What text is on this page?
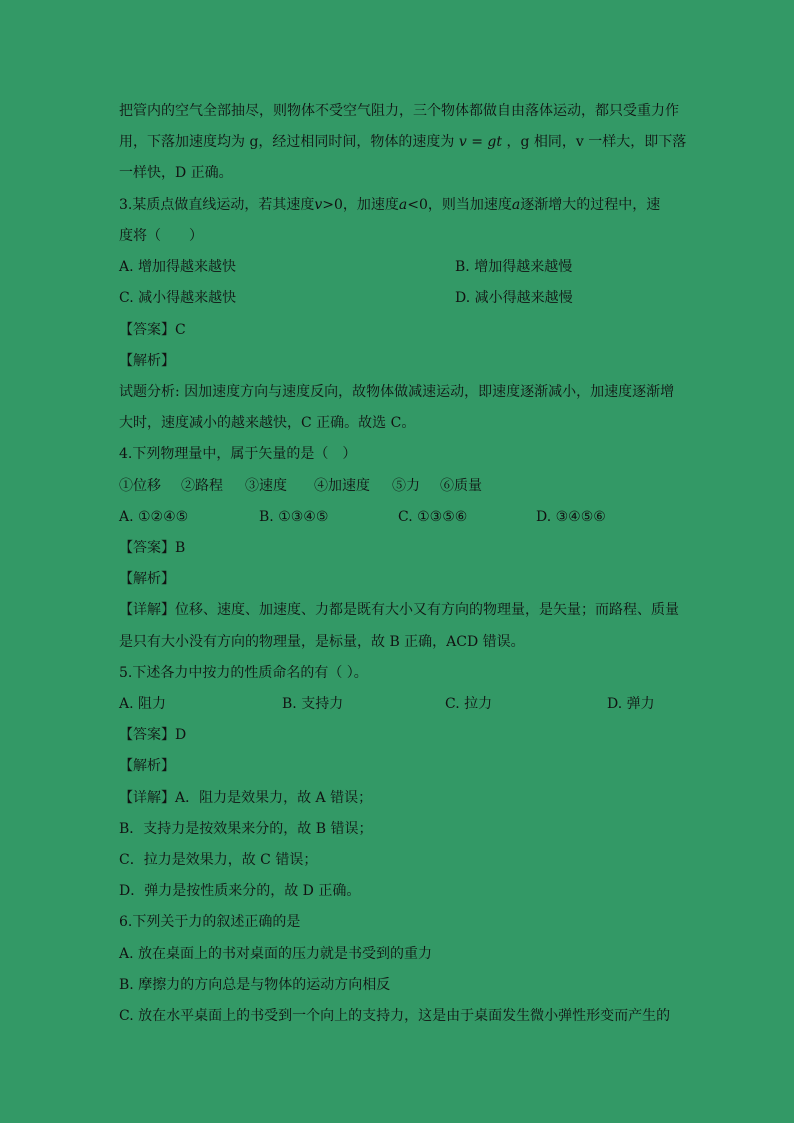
把管内的空气全部抽尽，则物体不受空气阻力，三个物体都做自由落体运动，都只受重力作
用，下落加速度均为 g，经过相同时间，物体的速度为 v = gt ，g 相同，v 一样大，即下落
一样快，D 正确。
3.某质点做直线运动，若其速度v>0，加速度a<0，则当加速度a逐渐增大的过程中，速
度将（　　）
A. 增加得越来越快	B. 增加得越来越慢
C. 减小得越来越快	D. 减小得越来越慢
【答案】C
【解析】
试题分析: 因加速度方向与速度反向，故物体做减速运动，即速度逐渐减小，加速度逐渐增
大时，速度减小的越来越快，C 正确。故选 C。
4.下列物理量中，属于矢量的是（　）
①位移 ②路程 ③速度 ④加速度 ⑤力 ⑥质量
A. ①②④⑤	B. ①③④⑤	C. ①③⑤⑥	D. ③④⑤⑥
【答案】B
【解析】
【详解】位移、速度、加速度、力都是既有大小又有方向的物理量，是矢量；而路程、质量
是只有大小没有方向的物理量，是标量，故 B 正确，ACD 错误。
5.下述各力中按力的性质命名的有（ ）。
A. 阻力	B. 支持力	C. 拉力	D. 弹力
【答案】D
【解析】
【详解】A．阻力是效果力，故 A 错误；
B．支持力是按效果来分的，故 B 错误；
C．拉力是效果力，故 C 错误；
D．弹力是按性质来分的，故 D 正确。
6.下列关于力的叙述正确的是
A. 放在桌面上的书对桌面的压力就是书受到的重力
B. 摩擦力的方向总是与物体的运动方向相反
C. 放在水平桌面上的书受到一个向上的支持力，这是由于桌面发生微小弹性形变而产生的
